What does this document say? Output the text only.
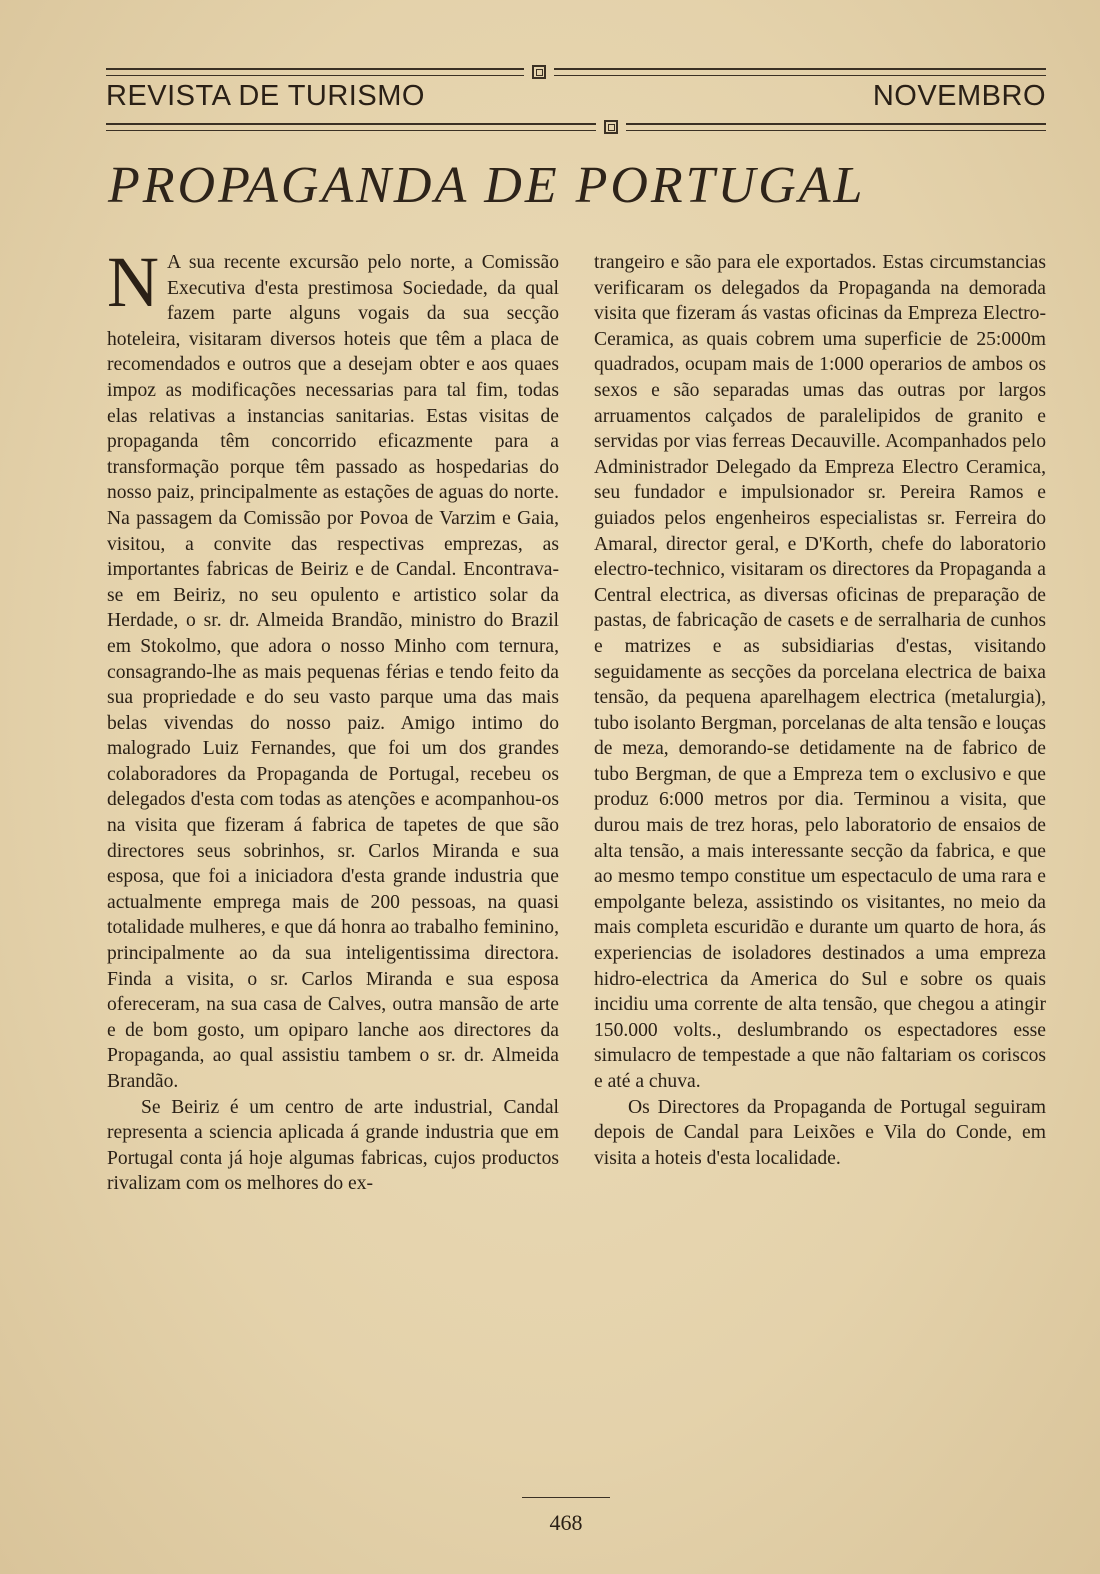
REVISTA DE TURISMO	NOVEMBRO
PROPAGANDA DE PORTUGAL

N A sua recente excursão pelo norte, a Comissão Executiva d'esta prestimosa Sociedade, da qual fazem parte alguns vogais da sua secção hoteleira, visitaram diversos hoteis que têm a placa de recomendados e outros que a desejam obter e aos quaes impoz as modificações necessarias para tal fim, todas elas relativas a instancias sanitarias. Estas visitas de propaganda têm concorrido eficazmente para a transformação porque têm passado as hospedarias do nosso paiz, principalmente as estações de aguas do norte. Na passagem da Comissão por Povoa de Varzim e Gaia, visitou, a convite das respectivas emprezas, as importantes fabricas de Beiriz e de Candal. Encontrava-se em Beiriz, no seu opulento e artistico solar da Herdade, o sr. dr. Almeida Brandão, ministro do Brazil em Stokolmo, que adora o nosso Minho com ternura, consagrando-lhe as mais pequenas férias e tendo feito da sua propriedade e do seu vasto parque uma das mais belas vivendas do nosso paiz. Amigo intimo do malogrado Luiz Fernandes, que foi um dos grandes colaboradores da Propaganda de Portugal, recebeu os delegados d'esta com todas as atenções e acompanhou-os na visita que fizeram á fabrica de tapetes de que são directores seus sobrinhos, sr. Carlos Miranda e sua esposa, que foi a iniciadora d'esta grande industria que actualmente emprega mais de 200 pessoas, na quasi totalidade mulheres, e que dá honra ao trabalho feminino, principalmente ao da sua inteligentissima directora. Finda a visita, o sr. Carlos Miranda e sua esposa ofereceram, na sua casa de Calves, outra mansão de arte e de bom gosto, um opiparo lanche aos directores da Propaganda, ao qual assistiu tambem o sr. dr. Almeida Brandão.

Se Beiriz é um centro de arte industrial, Candal representa a sciencia aplicada á grande industria que em Portugal conta já hoje algumas fabricas, cujos productos rivalizam com os melhores do ex-

trangeiro e são para ele exportados. Estas circumstancias verificaram os delegados da Propaganda na demorada visita que fizeram ás vastas oficinas da Empreza Electro-Ceramica, as quais cobrem uma superficie de 25:000m quadrados, ocupam mais de 1:000 operarios de ambos os sexos e são separadas umas das outras por largos arruamentos calçados de paralelipidos de granito e servidas por vias ferreas Decauville. Acompanhados pelo Administrador Delegado da Empreza Electro Ceramica, seu fundador e impulsionador sr. Pereira Ramos e guiados pelos engenheiros especialistas sr. Ferreira do Amaral, director geral, e D'Korth, chefe do laboratorio electro-technico, visitaram os directores da Propaganda a Central electrica, as diversas oficinas de preparação de pastas, de fabricação de casets e de serralharia de cunhos e matrizes e as subsidiarias d'estas, visitando seguidamente as secções da porcelana electrica de baixa tensão, da pequena aparelhagem electrica (metalurgia), tubo isolanto Bergman, porcelanas de alta tensão e louças de meza, demorando-se detidamente na de fabrico de tubo Bergman, de que a Empreza tem o exclusivo e que produz 6:000 metros por dia. Terminou a visita, que durou mais de trez horas, pelo laboratorio de ensaios de alta tensão, a mais interessante secção da fabrica, e que ao mesmo tempo constitue um espectaculo de uma rara e empolgante beleza, assistindo os visitantes, no meio da mais completa escuridão e durante um quarto de hora, ás experiencias de isoladores destinados a uma empreza hidro-electrica da America do Sul e sobre os quais incidiu uma corrente de alta tensão, que chegou a atingir 150.000 volts., deslumbrando os espectadores esse simulacro de tempestade a que não faltariam os coriscos e até a chuva.

Os Directores da Propaganda de Portugal seguiram depois de Candal para Leixões e Vila do Conde, em visita a hoteis d'esta localidade.

468
